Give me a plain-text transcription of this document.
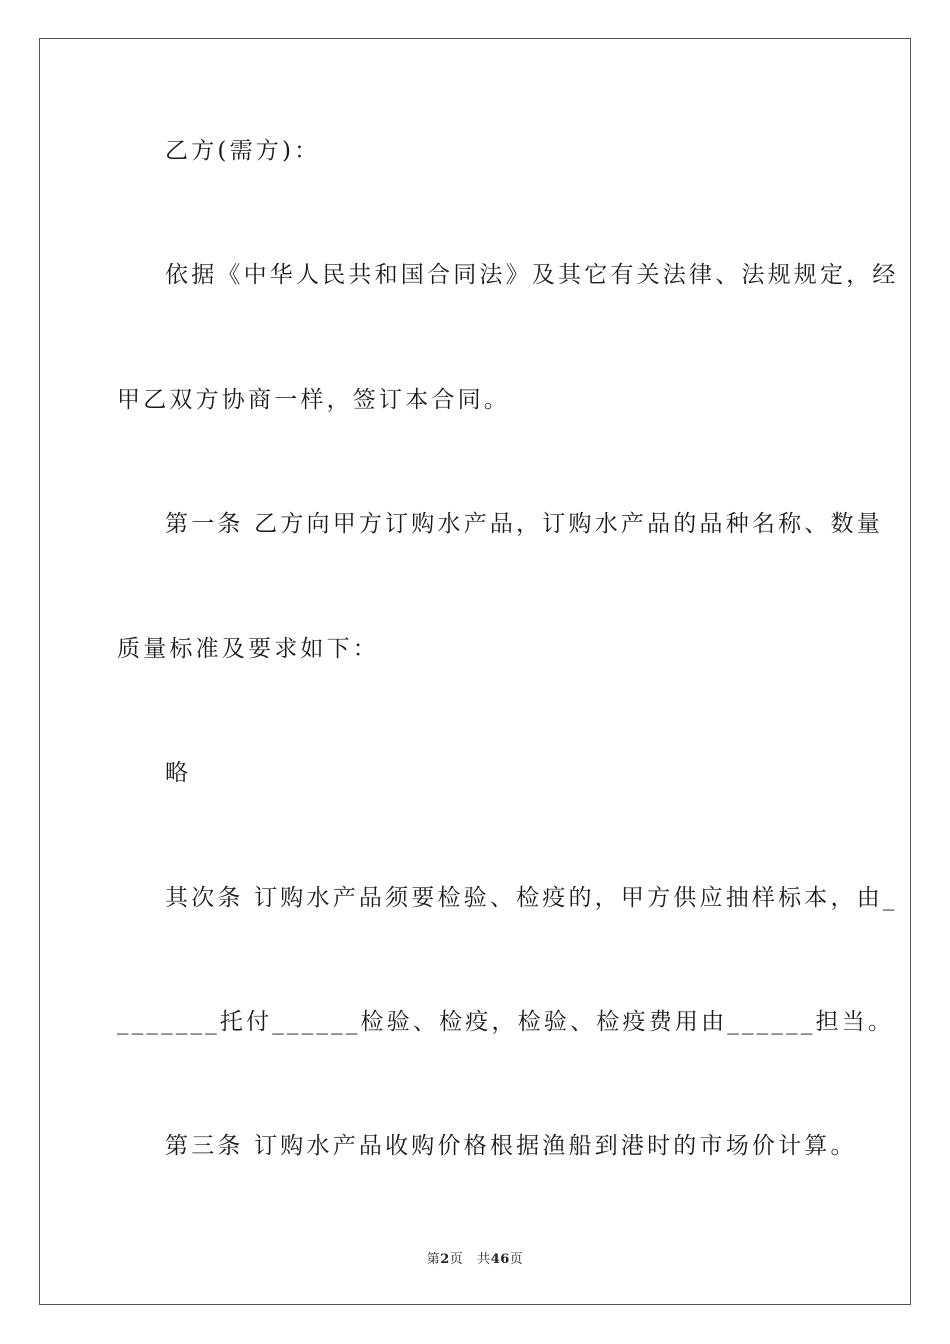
乙方(需方)：
依据《中华人民共和国合同法》及其它有关法律、法规规定，经
甲乙双方协商一样，签订本合同。
第一条 乙方向甲方订购水产品，订购水产品的品种名称、数量
质量标准及要求如下：
略
其次条 订购水产品须要检验、检疫的，甲方供应抽样标本，由_
_______托付______检验、检疫，检验、检疫费用由______担当。
第三条 订购水产品收购价格根据渔船到港时的市场价计算。
第2页 共46页
